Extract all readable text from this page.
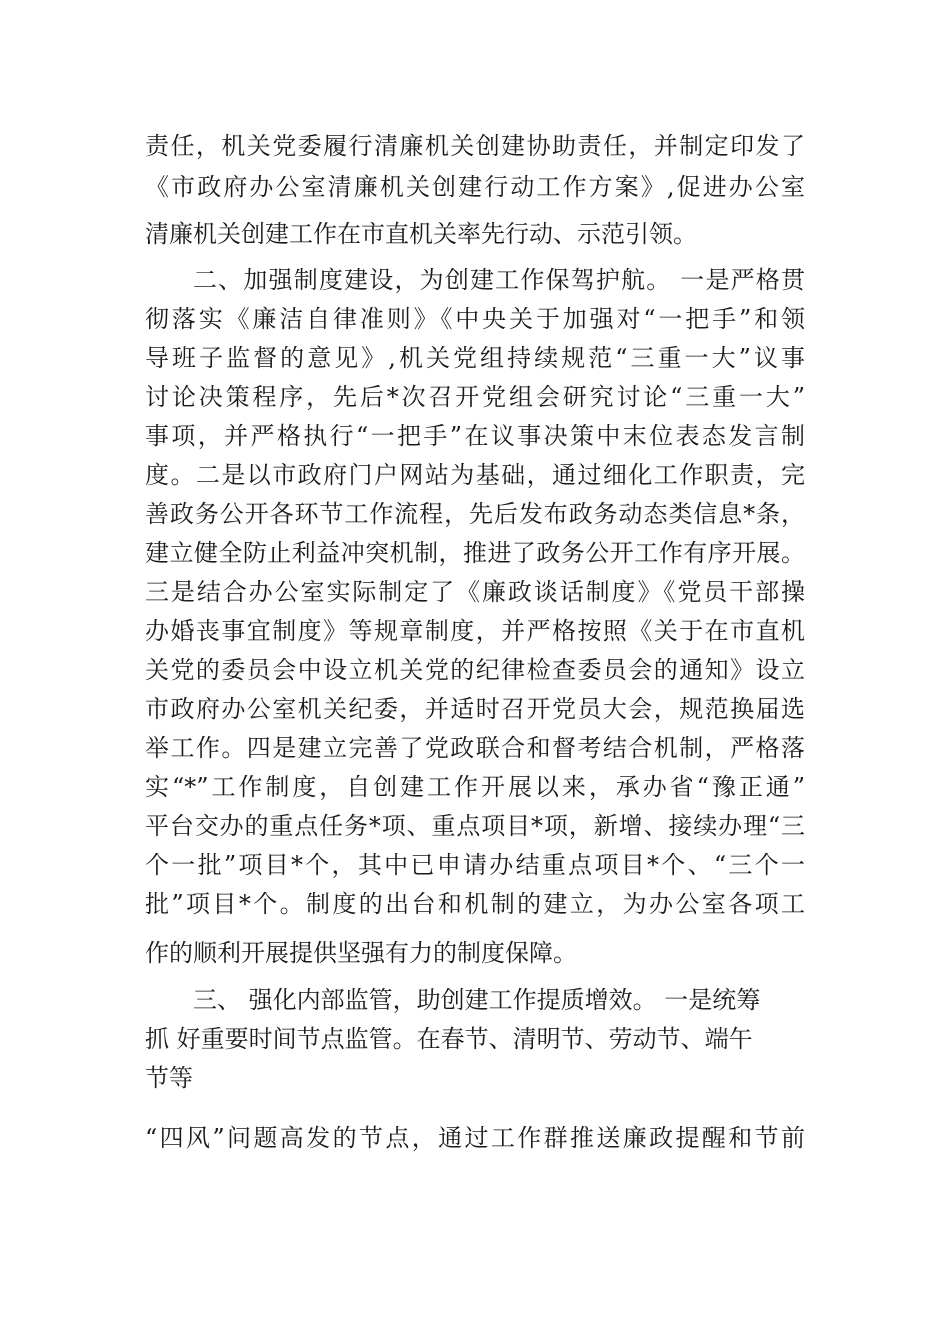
责任，机关党委履行清廉机关创建协助责任，并制定印发了
《市政府办公室清廉机关创建行动工作方案》,促进办公室
清廉机关创建工作在市直机关率先行动、示范引领。
二、加强制度建设，为创建工作保驾护航。 一是严格贯
彻落实《廉洁自律准则》《中央关于加强对“一把手”和领
导班子监督的意见》,机关党组持续规范“三重一大”议事
讨论决策程序，先后*次召开党组会研究讨论“三重一大”
事项，并严格执行“一把手”在议事决策中末位表态发言制
度。二是以市政府门户网站为基础，通过细化工作职责，完
善政务公开各环节工作流程，先后发布政务动态类信息*条，
建立健全防止利益冲突机制，推进了政务公开工作有序开展。
三是结合办公室实际制定了《廉政谈话制度》《党员干部操
办婚丧事宜制度》等规章制度，并严格按照《关于在市直机
关党的委员会中设立机关党的纪律检查委员会的通知》设立
市政府办公室机关纪委，并适时召开党员大会，规范换届选
举工作。四是建立完善了党政联合和督考结合机制，严格落
实“*”工作制度，自创建工作开展以来，承办省“豫正通”
平台交办的重点任务*项、重点项目*项，新增、接续办理“三
个一批”项目*个，其中已申请办结重点项目*个、“三个一
批”项目*个。制度的出台和机制的建立，为办公室各项工
作的顺利开展提供坚强有力的制度保障。
三、 强化内部监管，助创建工作提质增效。 一是统筹
抓 好重要时间节点监管。在春节、清明节、劳动节、端午
节等
“四风”问题高发的节点，通过工作群推送廉政提醒和节前
